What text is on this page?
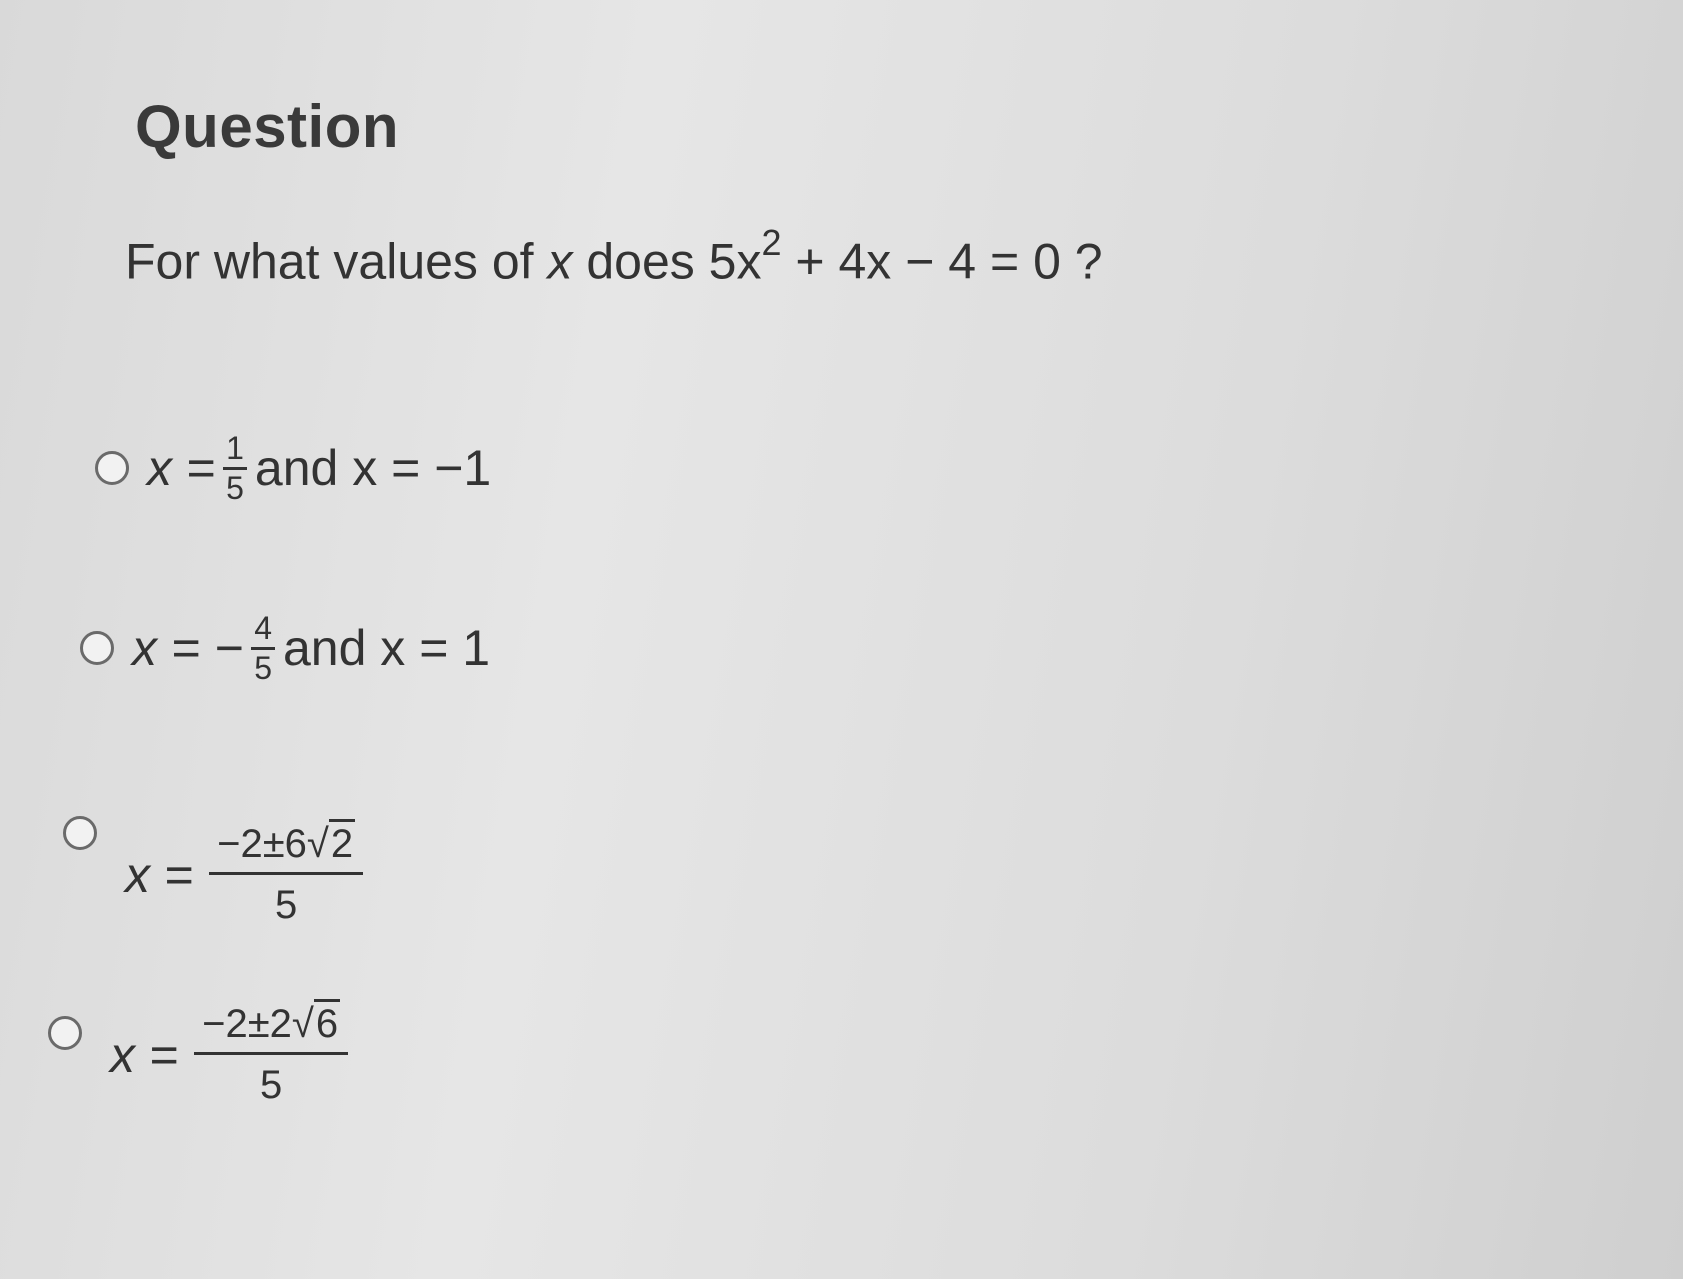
Question
For what values of x does $5x^2 + 4x - 4 = 0$ ?
$x = \frac{1}{5}$ and x = −1
x = − $\frac{4}{5}$ and x = 1
$x = \frac{-2\pm 6√2}{5}$
$x = \frac{-2\pm 2√6}{5}$
